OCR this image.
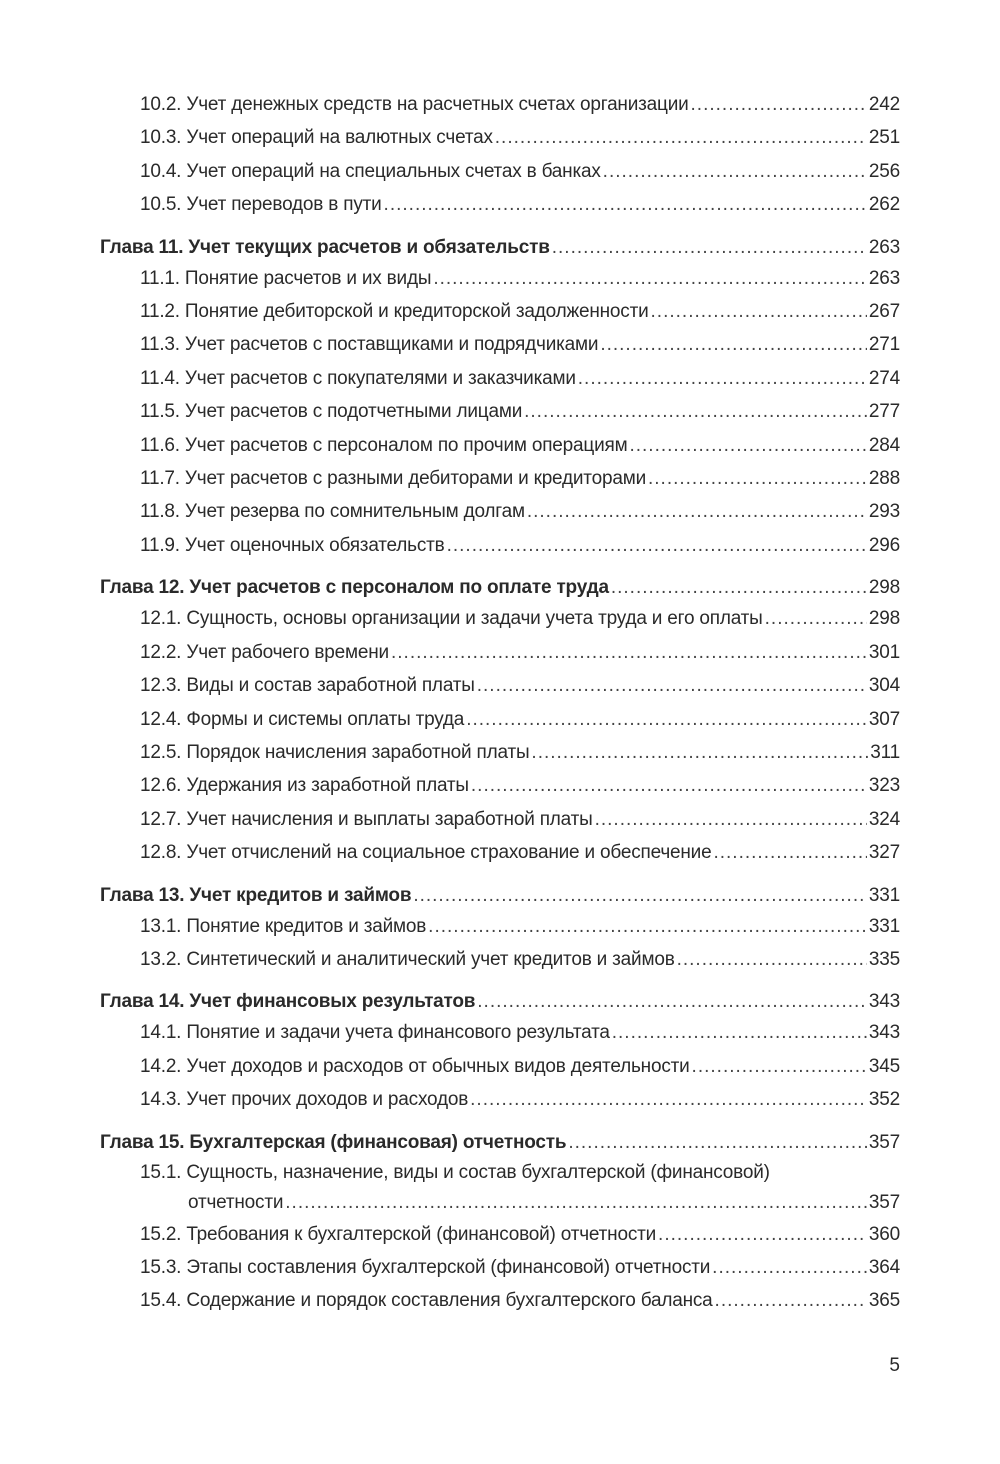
10.2. Учет денежных средств на расчетных счетах организации .....	242
10.3. Учет операций на валютных счетах .....	251
10.4. Учет операций на специальных счетах в банках .....	256
10.5. Учет переводов в пути .....	262
Глава 11. Учет текущих расчетов и обязательств .....	263
11.1. Понятие расчетов и их виды .....	263
11.2. Понятие дебиторской и кредиторской задолженности .....	267
11.3. Учет расчетов с поставщиками и подрядчиками .....	271
11.4. Учет расчетов с покупателями и заказчиками .....	274
11.5. Учет расчетов с подотчетными лицами .....	277
11.6. Учет расчетов с персоналом по прочим операциям .....	284
11.7. Учет расчетов с разными дебиторами и кредиторами .....	288
11.8. Учет резерва по сомнительным долгам .....	293
11.9. Учет оценочных обязательств .....	296
Глава 12. Учет расчетов с персоналом по оплате труда .....	298
12.1. Сущность, основы организации и задачи учета труда и его оплаты .....	298
12.2. Учет рабочего времени .....	301
12.3. Виды и состав заработной платы .....	304
12.4. Формы и системы оплаты труда .....	307
12.5. Порядок начисления заработной платы .....	311
12.6. Удержания из заработной платы .....	323
12.7. Учет начисления и выплаты заработной платы .....	324
12.8. Учет отчислений на социальное страхование и обеспечение .....	327
Глава 13. Учет кредитов и займов .....	331
13.1. Понятие кредитов и займов .....	331
13.2. Синтетический и аналитический учет кредитов и займов .....	335
Глава 14. Учет финансовых результатов .....	343
14.1. Понятие и задачи учета финансового результата .....	343
14.2. Учет доходов и расходов от обычных видов деятельности .....	345
14.3. Учет прочих доходов и расходов .....	352
Глава 15. Бухгалтерская (финансовая) отчетность .....	357
15.1. Сущность, назначение, виды и состав бухгалтерской (финансовой)
отчетности .....	357
15.2. Требования к бухгалтерской (финансовой) отчетности .....	360
15.3. Этапы составления бухгалтерской (финансовой) отчетности .....	364
15.4. Содержание и порядок составления бухгалтерского баланса .....	365
5
